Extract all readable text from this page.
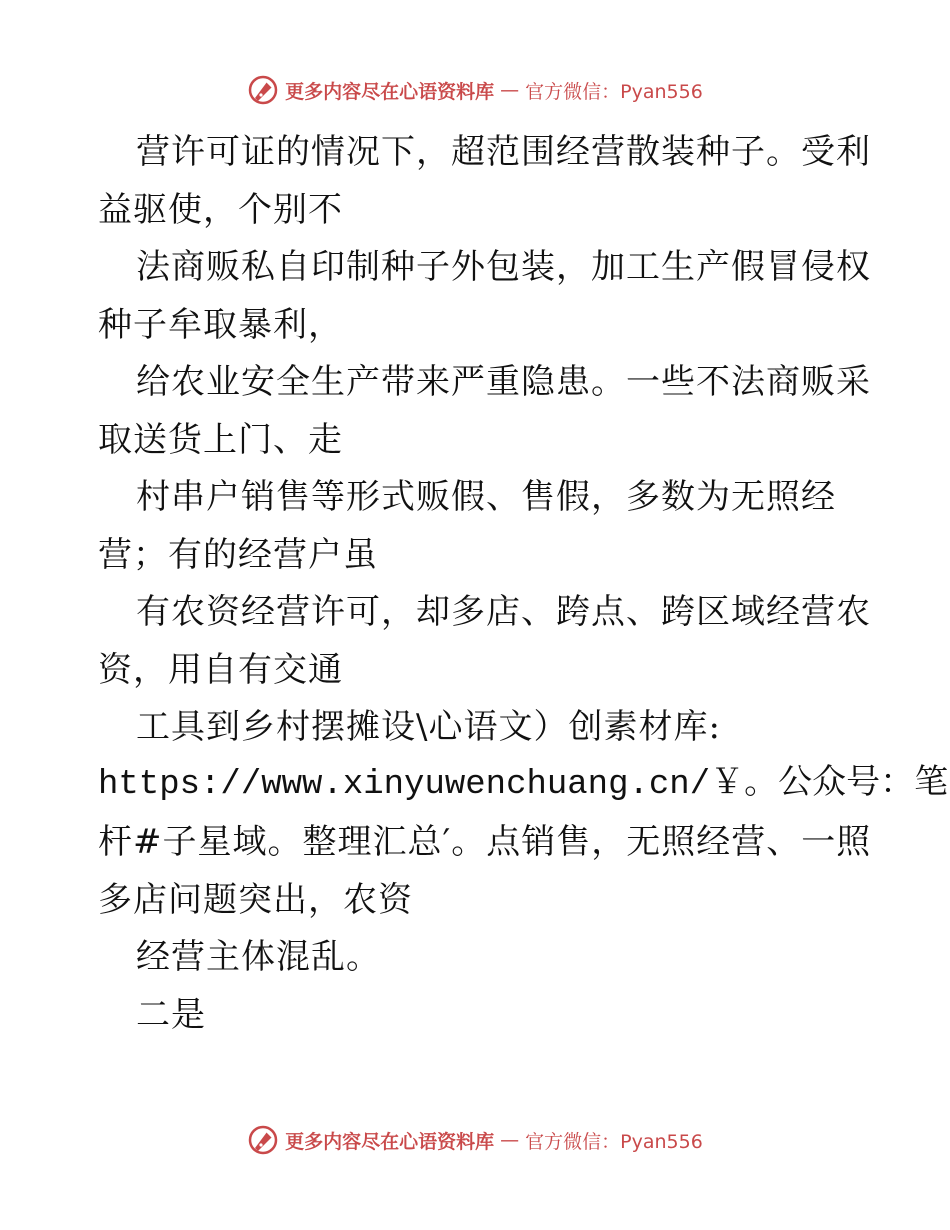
更多内容尽在心语资料库 — 官方微信：Pyan556
营许可证的情况下，超范围经营散装种子。受利
益驱使，个别不
法商贩私自印制种子外包装，加工生产假冒侵权
种子牟取暴利，
给农业安全生产带来严重隐患。一些不法商贩采
取送货上门、走
村串户销售等形式贩假、售假，多数为无照经
营；有的经营户虽
有农资经营许可，却多店、跨点、跨区域经营农
资，用自有交通
工具到乡村摆摊设\心语文）创素材库:
https://www.xinyuwenchuang.cn/￥。公众号：笔
杆#子星域。整理汇总′。点销售，无照经营、一照
多店问题突出，农资
经营主体混乱。
二是
更多内容尽在心语资料库 — 官方微信：Pyan556
